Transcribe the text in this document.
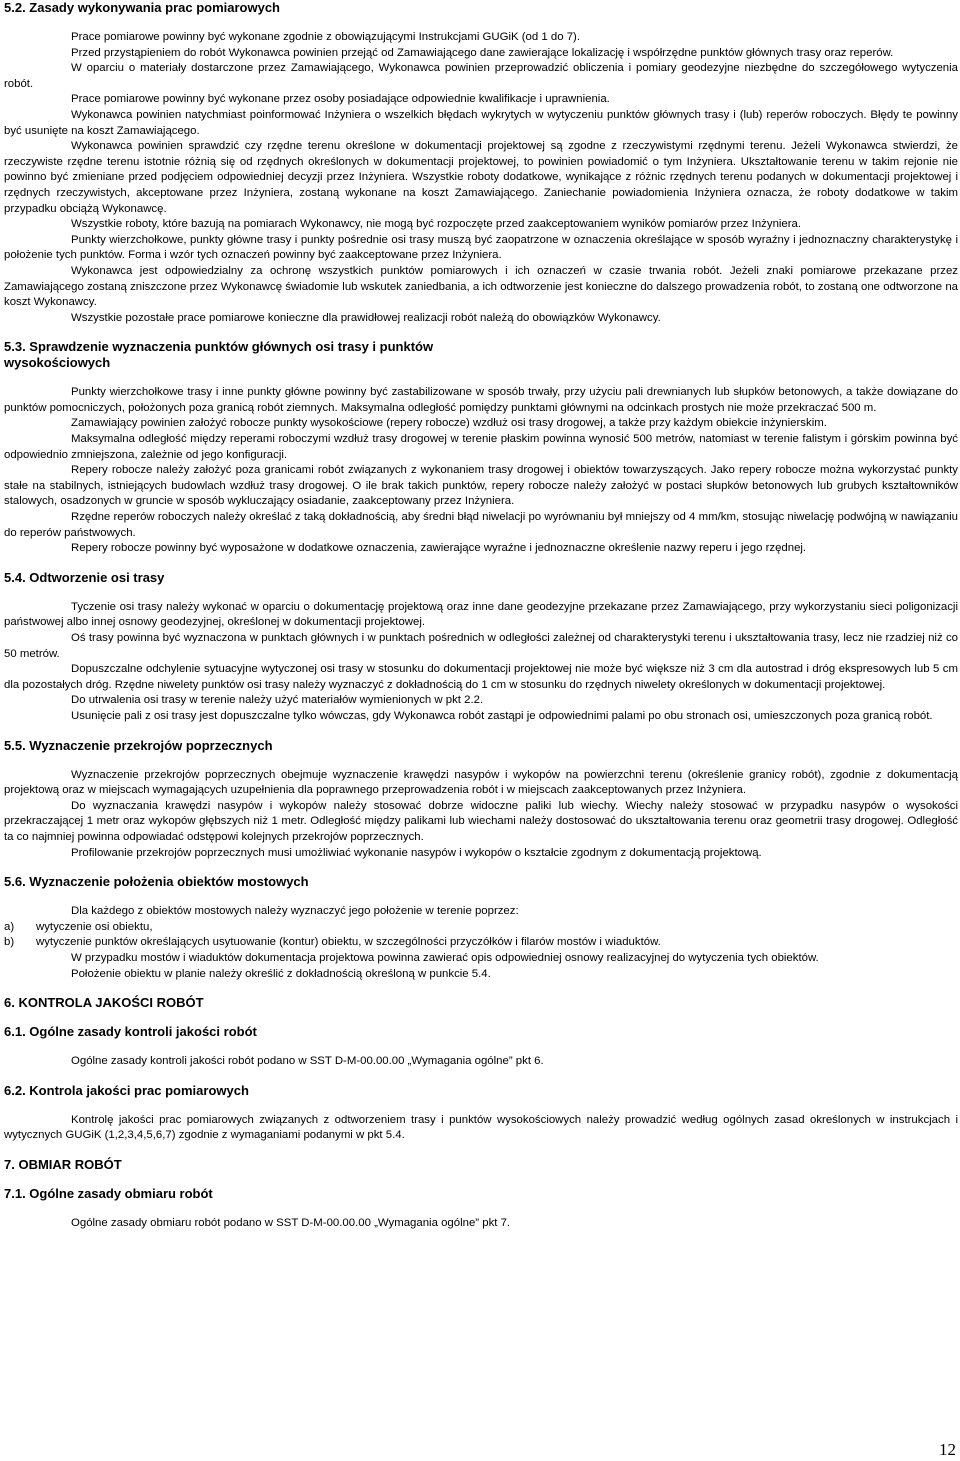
5.2. Zasady wykonywania prac pomiarowych

Prace pomiarowe powinny być wykonane zgodnie z obowiązującymi Instrukcjami GUGiK (od 1 do 7).

Przed przystąpieniem do robót Wykonawca powinien przejąć od Zamawiającego dane zawierające lokalizację i współrzędne punktów głównych trasy oraz reperów.

W oparciu o materiały dostarczone przez Zamawiającego, Wykonawca powinien przeprowadzić obliczenia i pomiary geodezyjne niezbędne do szczegółowego wytyczenia robót.

Prace pomiarowe powinny być wykonane przez osoby posiadające odpowiednie kwalifikacje i uprawnienia.

Wykonawca powinien natychmiast poinformować Inżyniera o wszelkich błędach wykrytych w wytyczeniu punktów głównych trasy i (lub) reperów roboczych. Błędy te powinny być usunięte na koszt Zamawiającego.

Wykonawca powinien sprawdzić czy rzędne terenu określone w dokumentacji projektowej są zgodne z rzeczywistymi rzędnymi terenu. Jeżeli Wykonawca stwierdzi, że rzeczywiste rzędne terenu istotnie różnią się od rzędnych określonych w dokumentacji projektowej, to powinien powiadomić o tym Inżyniera. Ukształtowanie terenu w takim rejonie nie powinno być zmieniane przed podjęciem odpowiedniej decyzji przez Inżyniera. Wszystkie roboty dodatkowe, wynikające z różnic rzędnych terenu podanych w dokumentacji projektowej i rzędnych rzeczywistych, akceptowane przez Inżyniera, zostaną wykonane na koszt Zamawiającego. Zaniechanie powiadomienia Inżyniera oznacza, że roboty dodatkowe w takim przypadku obciążą Wykonawcę.

Wszystkie roboty, które bazują na pomiarach Wykonawcy, nie mogą być rozpoczęte przed zaakceptowaniem wyników pomiarów przez Inżyniera.

Punkty wierzchołkowe, punkty główne trasy i punkty pośrednie osi trasy muszą być zaopatrzone w oznaczenia określające w sposób wyraźny i jednoznaczny charakterystykę i położenie tych punktów. Forma i wzór tych oznaczeń powinny być zaakceptowane przez Inżyniera.

Wykonawca jest odpowiedzialny za ochronę wszystkich punktów pomiarowych i ich oznaczeń w czasie trwania robót. Jeżeli znaki pomiarowe przekazane przez Zamawiającego zostaną zniszczone przez Wykonawcę świadomie lub wskutek zaniedbania, a ich odtworzenie jest konieczne do dalszego prowadzenia robót, to zostaną one odtworzone na koszt Wykonawcy.

Wszystkie pozostałe prace pomiarowe konieczne dla prawidłowej realizacji robót należą do obowiązków Wykonawcy.

5.3. Sprawdzenie wyznaczenia punktów głównych osi trasy i punktów
wysokościowych

Punkty wierzchołkowe trasy i inne punkty główne powinny być zastabilizowane w sposób trwały, przy użyciu pali drewnianych lub słupków betonowych, a także dowiązane do punktów pomocniczych, położonych poza granicą robót ziemnych. Maksymalna odległość pomiędzy punktami głównymi na odcinkach prostych nie może przekraczać 500 m.

Zamawiający powinien założyć robocze punkty wysokościowe (repery robocze) wzdłuż osi trasy drogowej, a także przy każdym obiekcie inżynierskim.

Maksymalna odległość między reperami roboczymi wzdłuż trasy drogowej w terenie płaskim powinna wynosić 500 metrów, natomiast w terenie falistym i górskim powinna być odpowiednio zmniejszona, zależnie od jego konfiguracji.

Repery robocze należy założyć poza granicami robót związanych z wykonaniem trasy drogowej i obiektów towarzyszących. Jako repery robocze można wykorzystać punkty stałe na stabilnych, istniejących budowlach wzdłuż trasy drogowej. O ile brak takich punktów, repery robocze należy założyć w postaci słupków betonowych lub grubych kształtowników stalowych, osadzonych w gruncie w sposób wykluczający osiadanie, zaakceptowany przez Inżyniera.

Rzędne reperów roboczych należy określać z taką dokładnością, aby średni błąd niwelacji po wyrównaniu był mniejszy od 4 mm/km, stosując niwelację podwójną w nawiązaniu do reperów państwowych.

Repery robocze powinny być wyposażone w dodatkowe oznaczenia, zawierające wyraźne i jednoznaczne określenie nazwy reperu i jego rzędnej.

5.4. Odtworzenie osi trasy

Tyczenie osi trasy należy wykonać w oparciu o dokumentację projektową oraz inne dane geodezyjne przekazane przez Zamawiającego, przy wykorzystaniu sieci poligonizacji państwowej albo innej osnowy geodezyjnej, określonej w dokumentacji projektowej.

Oś trasy powinna być wyznaczona w punktach głównych i w punktach pośrednich w odległości zależnej od charakterystyki terenu i ukształtowania trasy, lecz nie rzadziej niż co 50 metrów.

Dopuszczalne odchylenie sytuacyjne wytyczonej osi trasy w stosunku do dokumentacji projektowej nie może być większe niż 3 cm dla autostrad i dróg ekspresowych lub 5 cm dla pozostałych dróg. Rzędne niwelety punktów osi trasy należy wyznaczyć z dokładnością do 1 cm w stosunku do rzędnych niwelety określonych w dokumentacji projektowej.

Do utrwalenia osi trasy w terenie należy użyć materiałów wymienionych w pkt 2.2.

Usunięcie pali z osi trasy jest dopuszczalne tylko wówczas, gdy Wykonawca robót zastąpi je odpowiednimi palami po obu stronach osi, umieszczonych poza granicą robót.

5.5. Wyznaczenie przekrojów poprzecznych

Wyznaczenie przekrojów poprzecznych obejmuje wyznaczenie krawędzi nasypów i wykopów na powierzchni terenu (określenie granicy robót), zgodnie z dokumentacją projektową oraz w miejscach wymagających uzupełnienia dla poprawnego przeprowadzenia robót i w miejscach zaakceptowanych przez Inżyniera.

Do wyznaczania krawędzi nasypów i wykopów należy stosować dobrze widoczne paliki lub wiechy. Wiechy należy stosować w przypadku nasypów o wysokości przekraczającej 1 metr oraz wykopów głębszych niż 1 metr. Odległość między palikami lub wiechami należy dostosować do ukształtowania terenu oraz geometrii trasy drogowej. Odległość ta co najmniej powinna odpowiadać odstępowi kolejnych przekrojów poprzecznych.

Profilowanie przekrojów poprzecznych musi umożliwiać wykonanie nasypów i wykopów o kształcie zgodnym z dokumentacją projektową.

5.6. Wyznaczenie położenia obiektów mostowych

Dla każdego z obiektów mostowych należy wyznaczyć jego położenie w terenie poprzez:

a) wytyczenie osi obiektu,
b) wytyczenie punktów określających usytuowanie (kontur) obiektu, w szczególności przyczółków i filarów mostów i wiaduktów.

W przypadku mostów i wiaduktów dokumentacja projektowa powinna zawierać opis odpowiedniej osnowy realizacyjnej do wytyczenia tych obiektów.

Położenie obiektu w planie należy określić z dokładnością określoną w punkcie 5.4.

6. KONTROLA JAKOŚCI ROBÓT
6.1. Ogólne zasady kontroli jakości robót

Ogólne zasady kontroli jakości robót podano w SST D-M-00.00.00 „Wymagania ogólne” pkt 6.

6.2. Kontrola jakości prac pomiarowych

Kontrolę jakości prac pomiarowych związanych z odtworzeniem trasy i punktów wysokościowych należy prowadzić według ogólnych zasad określonych w instrukcjach i wytycznych GUGiK (1,2,3,4,5,6,7) zgodnie z wymaganiami podanymi w pkt 5.4.

7. OBMIAR ROBÓT
7.1. Ogólne zasady obmiaru robót

Ogólne zasady obmiaru robót podano w SST D-M-00.00.00 „Wymagania ogólne” pkt 7.

12
